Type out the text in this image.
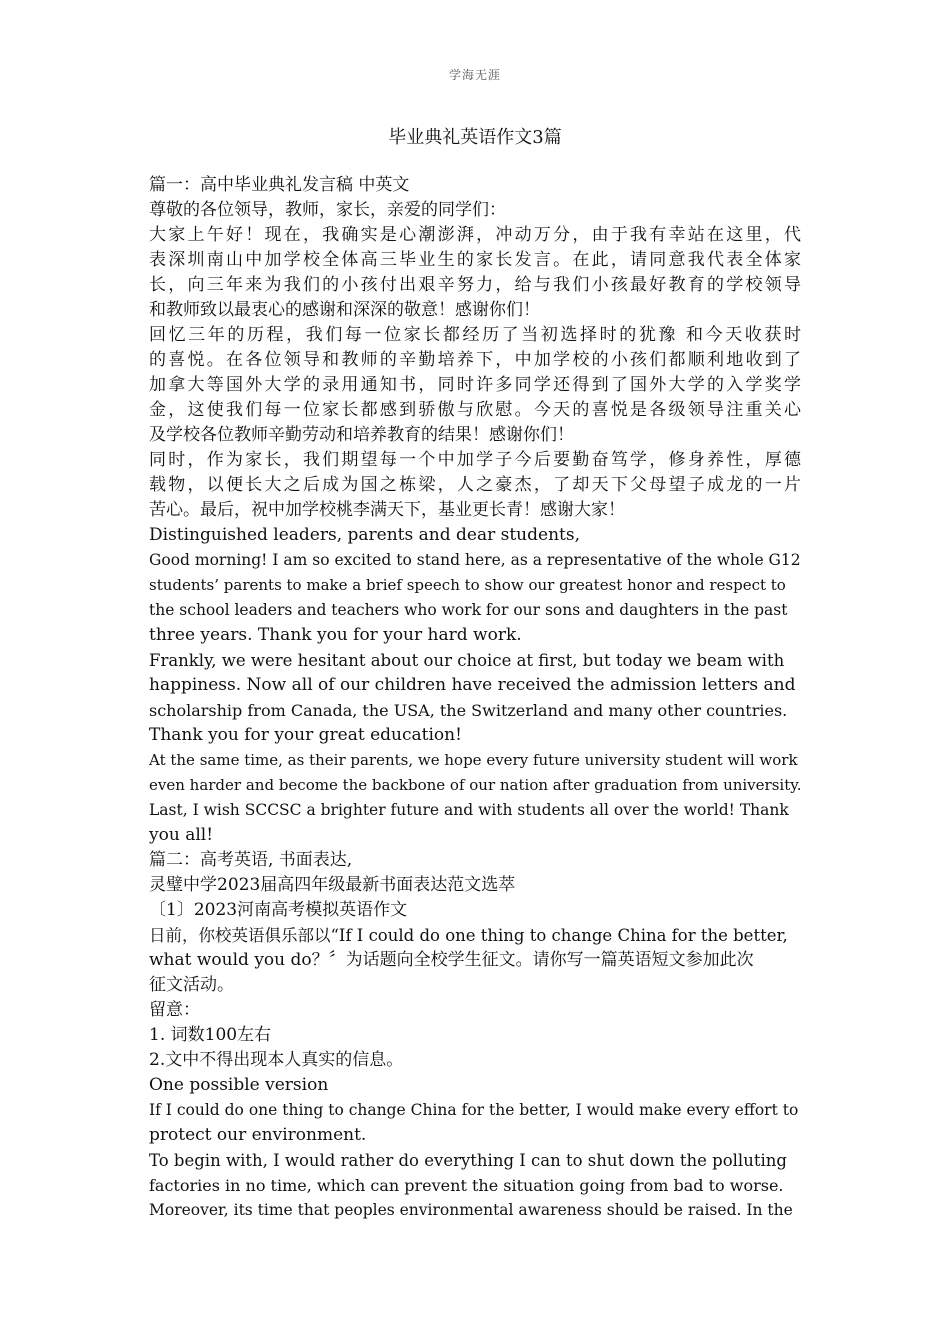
学海无涯
毕业典礼英语作文3篇
篇一：高中毕业典礼发言稿 中英文
尊敬的各位领导，教师，家长，亲爱的同学们：
大家上午好！现在，我确实是心潮澎湃，冲动万分，由于我有幸站在这里，代
表深圳南山中加学校全体高三毕业生的家长发言。在此，请同意我代表全体家
长，向三年来为我们的小孩付出艰辛努力，给与我们小孩最好教育的学校领导
和教师致以最衷心的感谢和深深的敬意！感谢你们！
回忆三年的历程，我们每一位家长都经历了当初选择时的犹豫 和今天收获时
的喜悦。在各位领导和教师的辛勤培养下，中加学校的小孩们都顺利地收到了
加拿大等国外大学的录用通知书，同时许多同学还得到了国外大学的入学奖学
金，这使我们每一位家长都感到骄傲与欣慰。今天的喜悦是各级领导注重关心
及学校各位教师辛勤劳动和培养教育的结果！感谢你们！
同时，作为家长，我们期望每一个中加学子今后要勤奋笃学，修身养性，厚德
载物，以便长大之后成为国之栋梁，人之豪杰，了却天下父母望子成龙的一片
苦心。最后，祝中加学校桃李满天下，基业更长青！感谢大家！
Distinguished leaders, parents and dear students,
Good morning! I am so excited to stand here, as a representative of the whole G12
students’ parents to make a brief speech to show our greatest honor and respect to
the school leaders and teachers who work for our sons and daughters in the past
three years. Thank you for your hard work.
Frankly, we were hesitant about our choice at first, but today we beam with
happiness. Now all of our children have received the admission letters and
scholarship from Canada, the USA, the Switzerland and many other countries.
Thank you for your great education!
At the same time, as their parents, we hope every future university student will work
even harder and become the backbone of our nation after graduation from university.
Last, I wish SCCSC a brighter future and with students all over the world! Thank
you all!
篇二：高考英语, 书面表达,
灵璧中学2023届高四年级最新书面表达范文选萃
〔1〕2023河南高考模拟英语作文
日前，你校英语俱乐部以“If I could do one thing to change China for the better,
what would you do？〞为话题向全校学生征文。请你写一篇英语短文参加此次
征文活动。
留意：
1. 词数100左右
2.文中不得出现本人真实的信息。
One possible version
If I could do one thing to change China for the better, I would make every effort to
protect our environment.
To begin with, I would rather do everything I can to shut down the polluting
factories in no time, which can prevent the situation going from bad to worse.
Moreover, its time that peoples environmental awareness should be raised. In the
